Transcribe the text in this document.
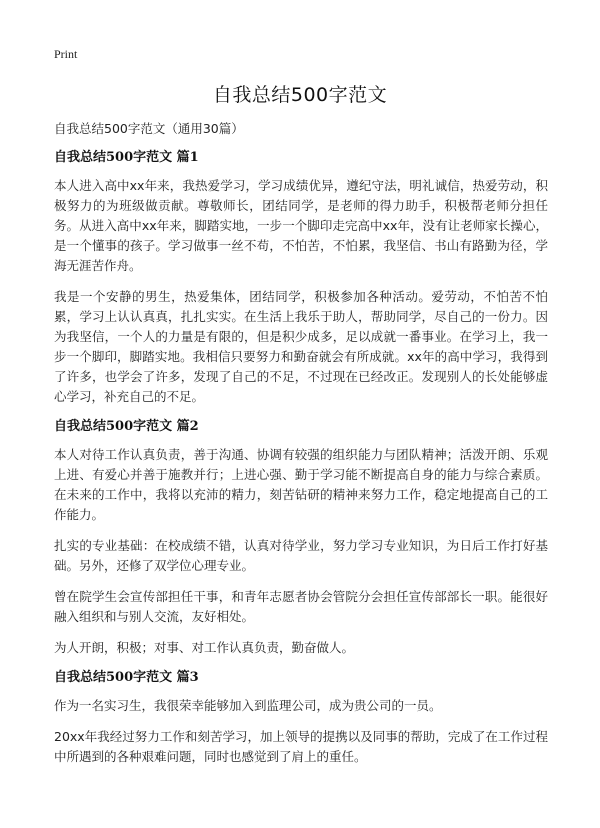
Print
自我总结500字范文

自我总结500字范文（通用30篇）

自我总结500字范文 篇1

本人进入高中xx年来，我热爱学习，学习成绩优异，遵纪守法，明礼诚信，热爱劳动，积极努力的为班级做贡献。尊敬师长，团结同学，是老师的得力助手，积极帮老师分担任务。从进入高中xx年来，脚踏实地，一步一个脚印走完高中xx年，没有让老师家长操心，是一个懂事的孩子。学习做事一丝不苟，不怕苦，不怕累，我坚信、书山有路勤为径，学海无涯苦作舟。

我是一个安静的男生，热爱集体，团结同学，积极参加各种活动。爱劳动，不怕苦不怕累，学习上认认真真，扎扎实实。在生活上我乐于助人，帮助同学，尽自己的一份力。因为我坚信，一个人的力量是有限的，但是积少成多，足以成就一番事业。在学习上，我一步一个脚印，脚踏实地。我相信只要努力和勤奋就会有所成就。xx年的高中学习，我得到了许多，也学会了许多，发现了自己的不足，不过现在已经改正。发现别人的长处能够虚心学习，补充自己的不足。

自我总结500字范文 篇2

本人对待工作认真负责，善于沟通、协调有较强的组织能力与团队精神；活泼开朗、乐观上进、有爱心并善于施教并行；上进心强、勤于学习能不断提高自身的能力与综合素质。在未来的工作中，我将以充沛的精力，刻苦钻研的精神来努力工作，稳定地提高自己的工作能力。

扎实的专业基础：在校成绩不错，认真对待学业，努力学习专业知识，为日后工作打好基础。另外，还修了双学位心理专业。

曾在院学生会宣传部担任干事，和青年志愿者协会管院分会担任宣传部部长一职。能很好融入组织和与别人交流，友好相处。

为人开朗，积极；对事、对工作认真负责，勤奋做人。

自我总结500字范文 篇3

作为一名实习生，我很荣幸能够加入到监理公司，成为贵公司的一员。

20xx年我经过努力工作和刻苦学习，加上领导的提携以及同事的帮助，完成了在工作过程中所遇到的各种艰难问题，同时也感觉到了肩上的重任。
